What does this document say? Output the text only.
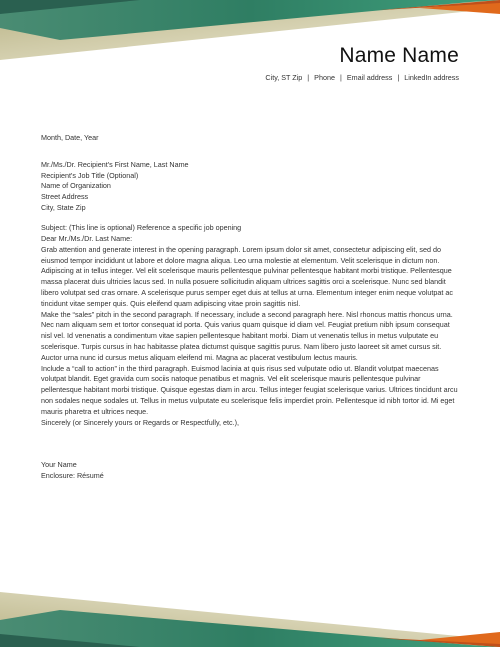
Name Name
City, ST Zip | Phone | Email address | LinkedIn address

Month, Date, Year

Mr./Ms./Dr. Recipient's First Name, Last Name

Recipient's Job Title (Optional)

Name of Organization

Street Address

City, State Zip

Subject: (This line is optional) Reference a specific job opening

Dear Mr./Ms./Dr. Last Name:

Grab attention and generate interest in the opening paragraph. Lorem ipsum dolor sit amet, consectetur adipiscing elit, sed do eiusmod tempor incididunt ut labore et dolore magna aliqua. Leo urna molestie at elementum. Velit scelerisque in dictum non. Adipiscing at in tellus integer. Vel elit scelerisque mauris pellentesque pulvinar pellentesque habitant morbi tristique. Pellentesque massa placerat duis ultricies lacus sed. In nulla posuere sollicitudin aliquam ultrices sagittis orci a scelerisque. Nunc sed blandit libero volutpat sed cras ornare. A scelerisque purus semper eget duis at tellus at urna. Elementum integer enim neque volutpat ac tincidunt vitae semper quis. Quis eleifend quam adipiscing vitae proin sagittis nisl.

Make the “sales” pitch in the second paragraph. If necessary, include a second paragraph here. Nisl rhoncus mattis rhoncus urna. Nec nam aliquam sem et tortor consequat id porta. Quis varius quam quisque id diam vel. Feugiat pretium nibh ipsum consequat nisl vel. Id venenatis a condimentum vitae sapien pellentesque habitant morbi. Diam ut venenatis tellus in metus vulputate eu scelerisque. Turpis cursus in hac habitasse platea dictumst quisque sagittis purus. Nam libero justo laoreet sit amet cursus sit. Auctor urna nunc id cursus metus aliquam eleifend mi. Magna ac placerat vestibulum lectus mauris.

Include a “call to action” in the third paragraph. Euismod lacinia at quis risus sed vulputate odio ut. Blandit volutpat maecenas volutpat blandit. Eget gravida cum sociis natoque penatibus et magnis. Vel elit scelerisque mauris pellentesque pulvinar pellentesque habitant morbi tristique. Quisque egestas diam in arcu. Tellus integer feugiat scelerisque varius. Ultrices tincidunt arcu non sodales neque sodales ut. Tellus in metus vulputate eu scelerisque felis imperdiet proin. Pellentesque id nibh tortor id. Mi eget mauris pharetra et ultrices neque.

Sincerely (or Sincerely yours or Regards or Respectfully, etc.),

Your Name

Enclosure: Résumé
